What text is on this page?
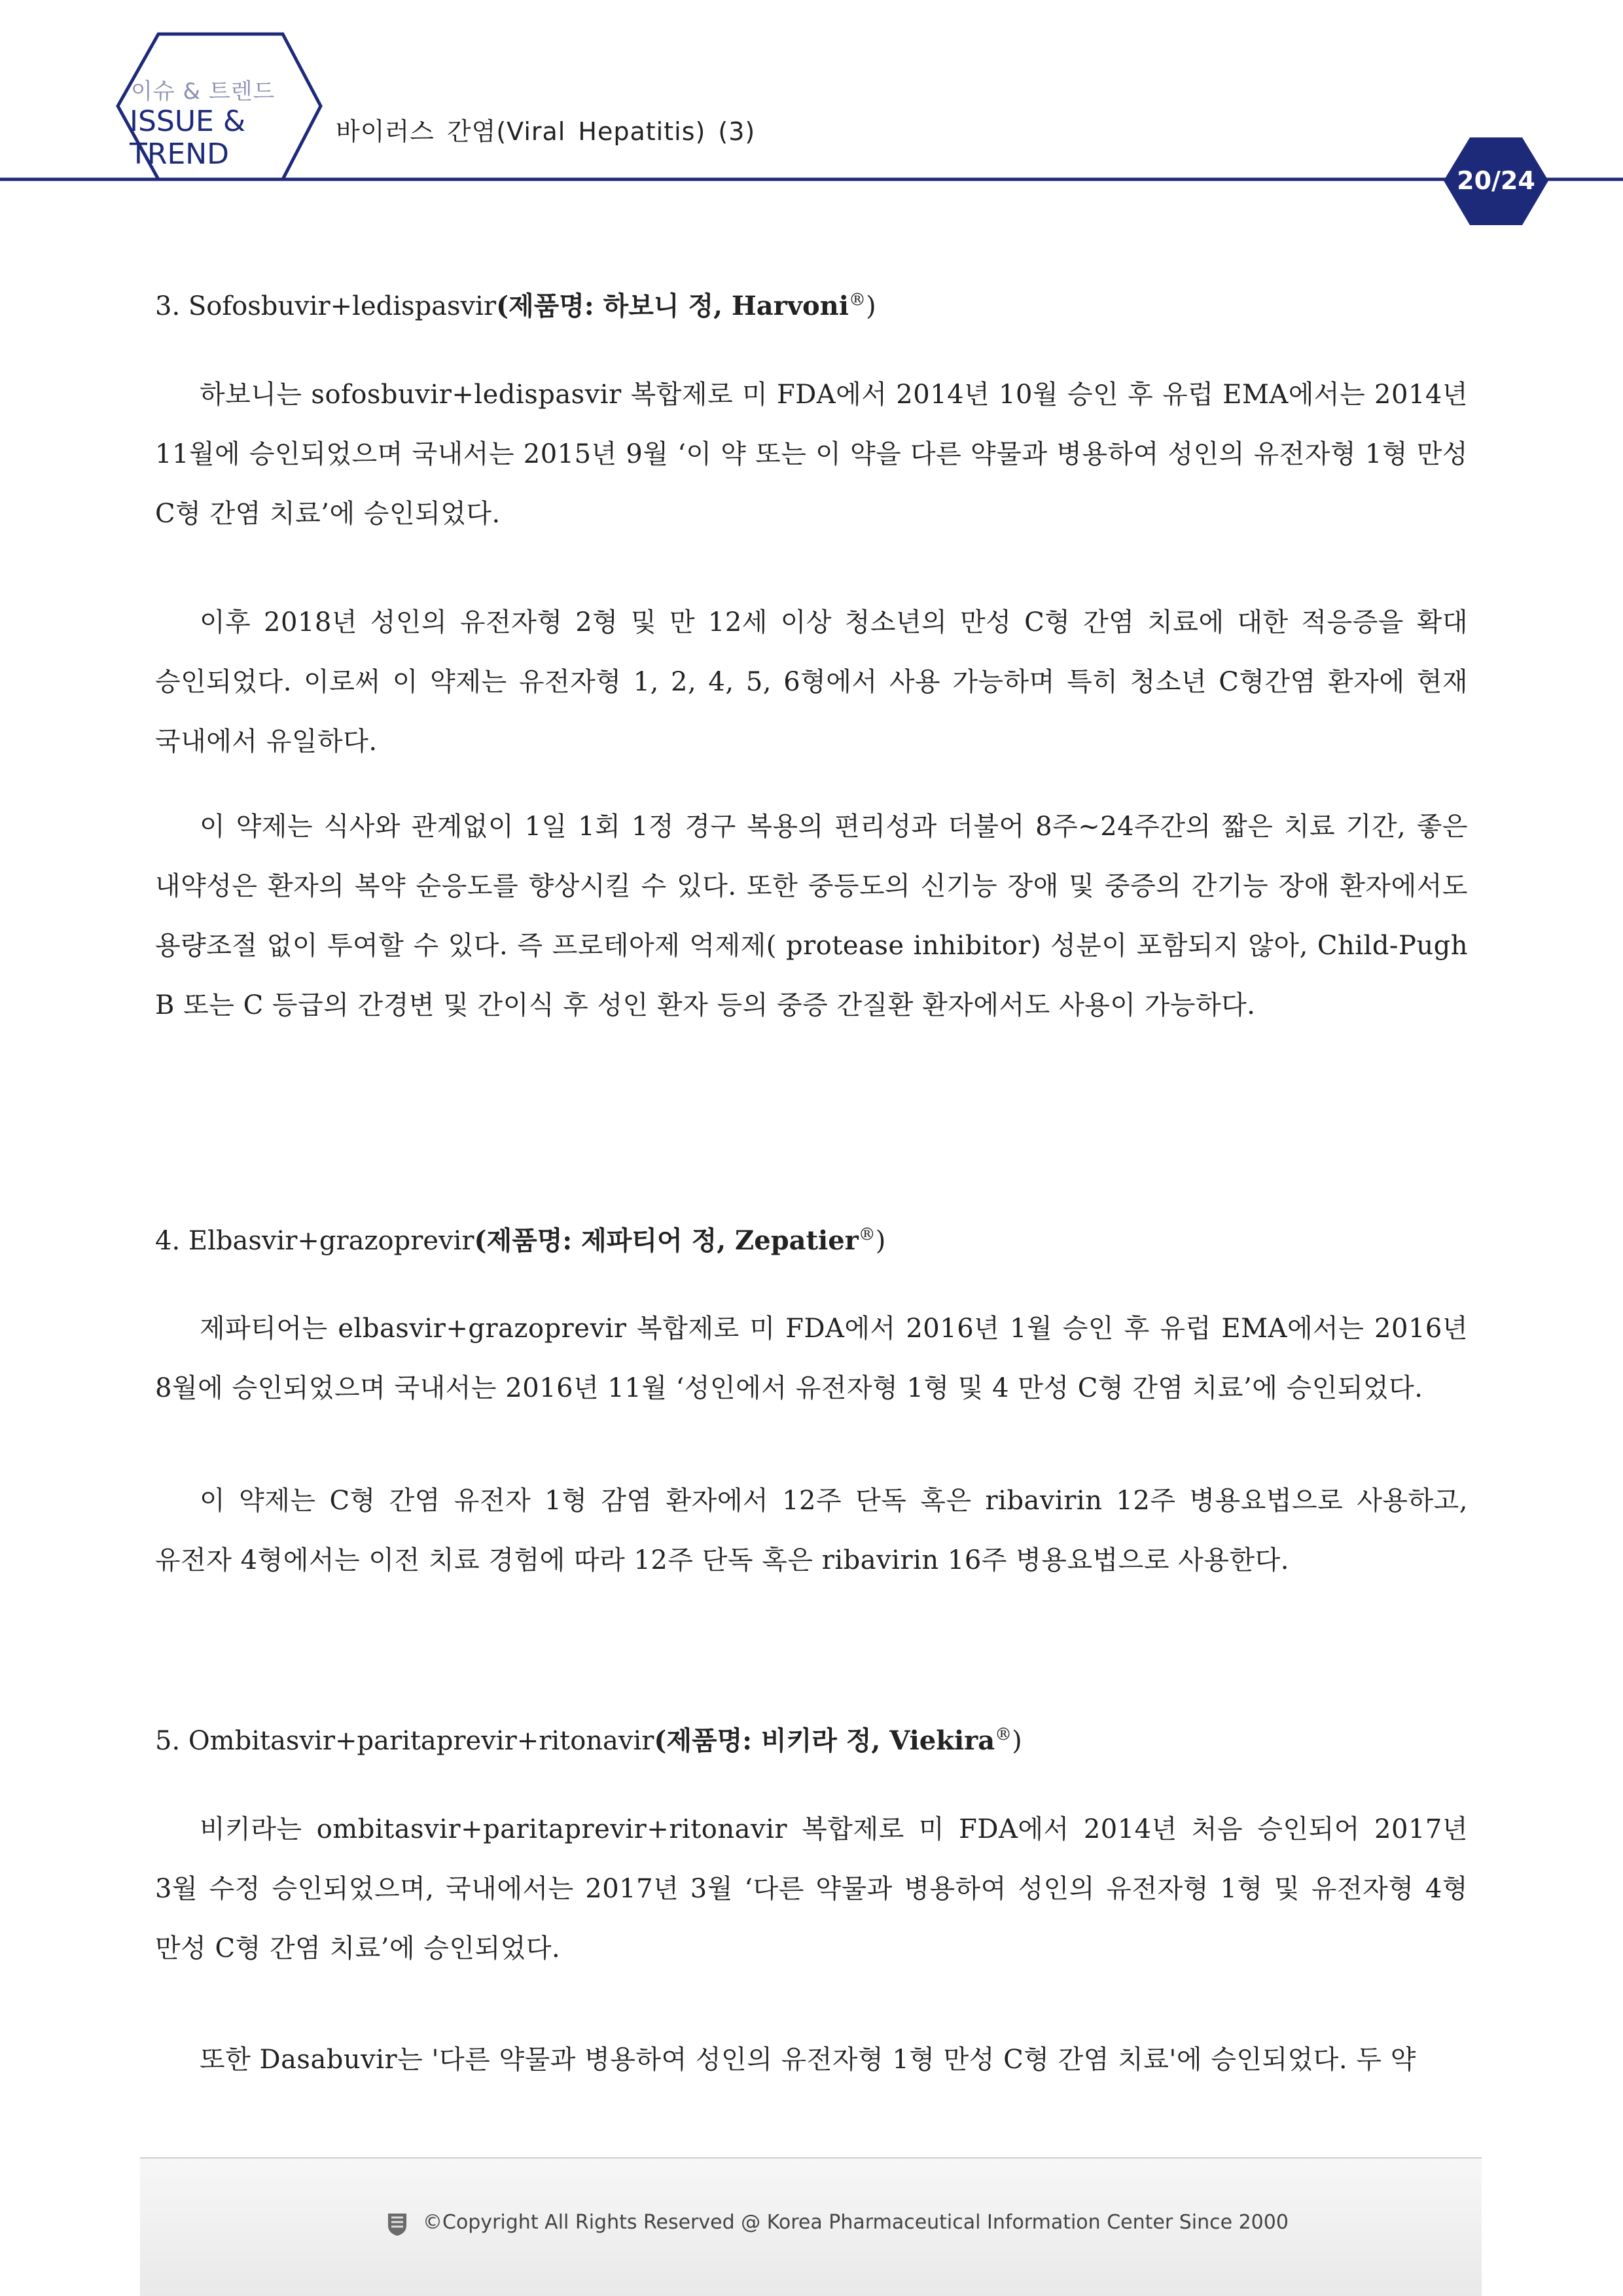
이슈 & 트렌드
ISSUE &
TREND
바이러스 간염(Viral Hepatitis) (3)
20/24
3. Sofosbuvir+ledispasvir(제품명: 하보니 정, Harvoni®)

하보니는 sofosbuvir+ledispasvir 복합제로 미 FDA에서 2014년 10월 승인 후 유럽 EMA에서는 2014년 11월에 승인되었으며 국내서는 2015년 9월 ‘이 약 또는 이 약을 다른 약물과 병용하여 성인의 유전자형 1형 만성 C형 간염 치료’에 승인되었다.

이후 2018년 성인의 유전자형 2형 및 만 12세 이상 청소년의 만성 C형 간염 치료에 대한 적응증을 확대 승인되었다. 이로써 이 약제는 유전자형 1, 2, 4, 5, 6형에서 사용 가능하며 특히 청소년 C형간염 환자에 현재 국내에서 유일하다.

이 약제는 식사와 관계없이 1일 1회 1정 경구 복용의 편리성과 더불어 8주~24주간의 짧은 치료 기간, 좋은 내약성은 환자의 복약 순응도를 향상시킬 수 있다. 또한 중등도의 신기능 장애 및 중증의 간기능 장애 환자에서도 용량조절 없이 투여할 수 있다. 즉 프로테아제 억제제( protease inhibitor) 성분이 포함되지 않아, Child-Pugh B 또는 C 등급의 간경변 및 간이식 후 성인 환자 등의 중증 간질환 환자에서도 사용이 가능하다.

4. Elbasvir+grazoprevir(제품명: 제파티어 정, Zepatier®)

제파티어는 elbasvir+grazoprevir 복합제로 미 FDA에서 2016년 1월 승인 후 유럽 EMA에서는 2016년 8월에 승인되었으며 국내서는 2016년 11월 ‘성인에서 유전자형 1형 및 4 만성 C형 간염 치료’에 승인되었다.

이 약제는 C형 간염 유전자 1형 감염 환자에서 12주 단독 혹은 ribavirin 12주 병용요법으로 사용하고, 유전자 4형에서는 이전 치료 경험에 따라 12주 단독 혹은 ribavirin 16주 병용요법으로 사용한다.

5. Ombitasvir+paritaprevir+ritonavir(제품명: 비키라 정, Viekira®)

비키라는 ombitasvir+paritaprevir+ritonavir 복합제로 미 FDA에서 2014년 처음 승인되어 2017년 3월 수정 승인되었으며, 국내에서는 2017년 3월 ‘다른 약물과 병용하여 성인의 유전자형 1형 및 유전자형 4형 만성 C형 간염 치료’에 승인되었다.

또한 Dasabuvir는 '다른 약물과 병용하여 성인의 유전자형 1형 만성 C형 간염 치료'에 승인되었다. 두 약

©Copyright All Rights Reserved @ Korea Pharmaceutical Information Center Since 2000
